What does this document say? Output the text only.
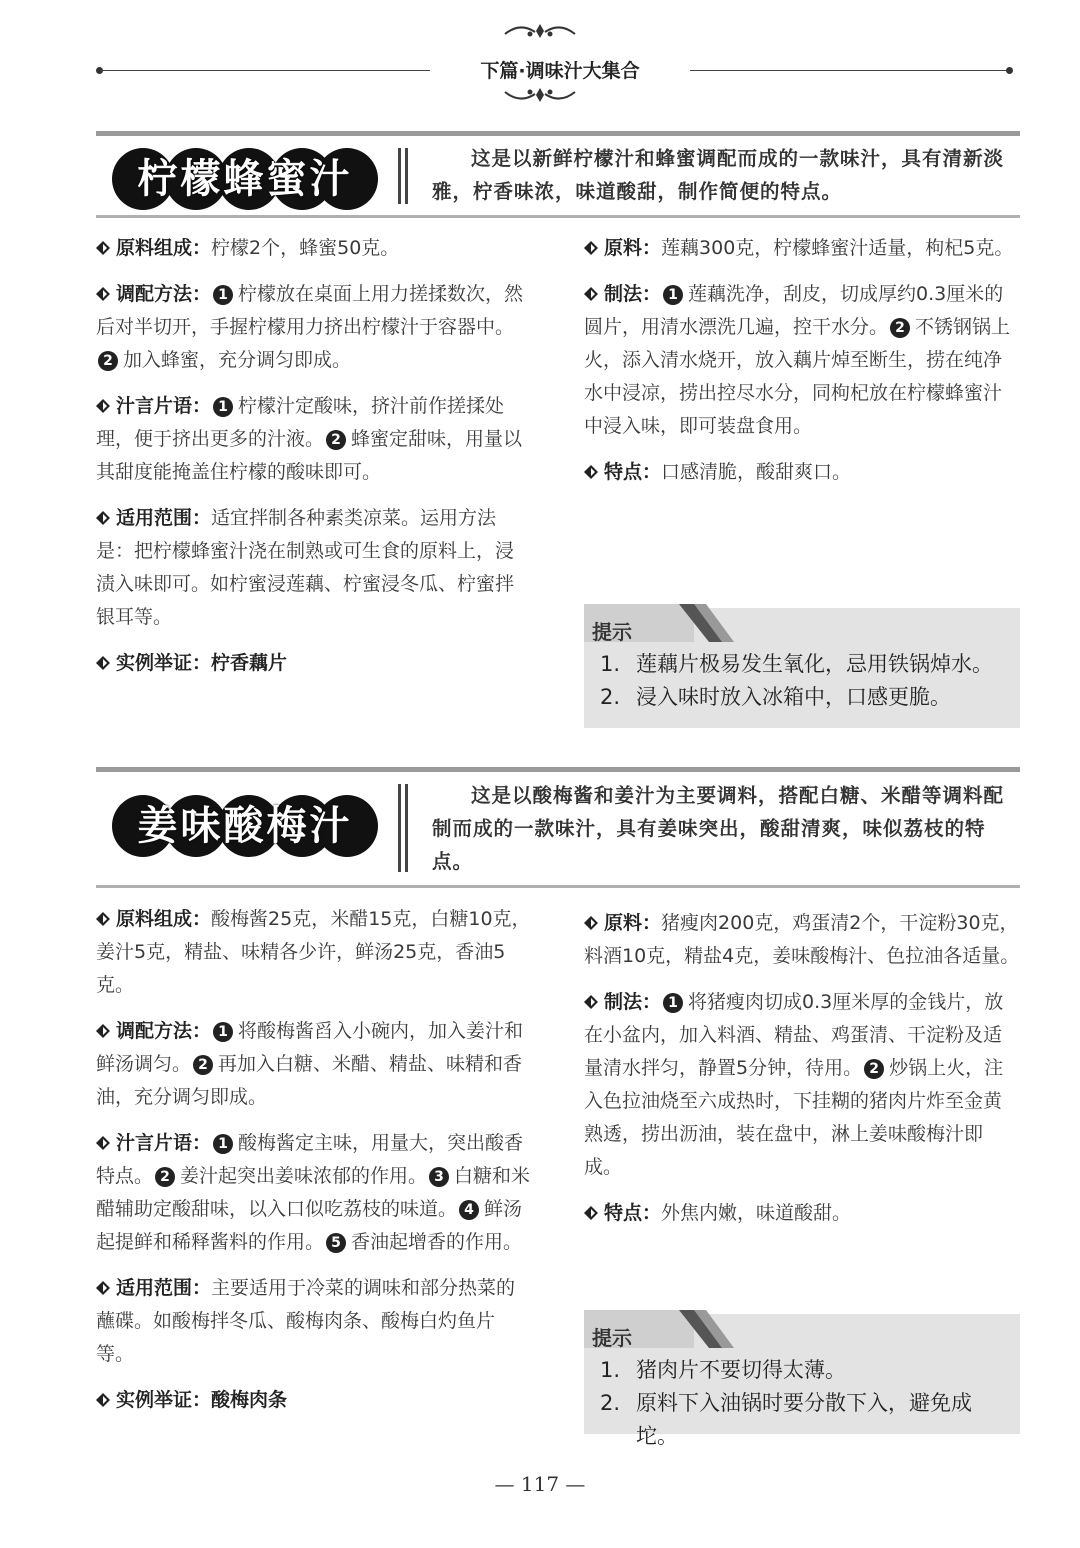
下篇·调味汁大集合
柠檬蜂蜜汁	这是以新鲜柠檬汁和蜂蜜调配而成的一款味汁，具有清新淡雅，柠香味浓，味道酸甜，制作简便的特点。

原料组成：柠檬2个，蜂蜜50克。

调配方法： 1 柠檬放在桌面上用力搓揉数次，然后对半切开，手握柠檬用力挤出柠檬汁于容器中。2 加入蜂蜜，充分调匀即成。

汁言片语： 1 柠檬汁定酸味，挤汁前作搓揉处理，便于挤出更多的汁液。 2 蜂蜜定甜味，用量以其甜度能掩盖住柠檬的酸味即可。

适用范围：适宜拌制各种素类凉菜。运用方法是：把柠檬蜂蜜汁浇在制熟或可生食的原料上，浸渍入味即可。如柠蜜浸莲藕、柠蜜浸冬瓜、柠蜜拌银耳等。

实例举证：柠香藕片

原料：莲藕300克，柠檬蜂蜜汁适量，枸杞5克。

制法： 1 莲藕洗净，刮皮，切成厚约0.3厘米的圆片，用清水漂洗几遍，控干水分。 2 不锈钢锅上火，添入清水烧开，放入藕片焯至断生，捞在纯净水中浸凉，捞出控尽水分，同枸杞放在柠檬蜂蜜汁中浸入味，即可装盘食用。

特点：口感清脆，酸甜爽口。

提示
1. 莲藕片极易发生氧化，忌用铁锅焯水。
2. 浸入味时放入冰箱中，口感更脆。
姜味酸梅汁
这是以酸梅酱和姜汁为主要调料，搭配白糖、米醋等调料配制而成的一款味汁，具有姜味突出，酸甜清爽，味似荔枝的特点。

原料组成：酸梅酱25克，米醋15克，白糖10克，姜汁5克，精盐、味精各少许，鲜汤25克，香油5克。

调配方法： 1 将酸梅酱舀入小碗内，加入姜汁和鲜汤调匀。 2 再加入白糖、米醋、精盐、味精和香油，充分调匀即成。

汁言片语： 1 酸梅酱定主味，用量大，突出酸香特点。 2 姜汁起突出姜味浓郁的作用。 3 白糖和米醋辅助定酸甜味，以入口似吃荔枝的味道。 4 鲜汤起提鲜和稀释酱料的作用。 5 香油起增香的作用。

适用范围：主要适用于冷菜的调味和部分热菜的蘸碟。如酸梅拌冬瓜、酸梅肉条、酸梅白灼鱼片等。

实例举证：酸梅肉条

原料：猪瘦肉200克，鸡蛋清2个，干淀粉30克，料酒10克，精盐4克，姜味酸梅汁、色拉油各适量。

制法： 1 将猪瘦肉切成0.3厘米厚的金钱片，放在小盆内，加入料酒、精盐、鸡蛋清、干淀粉及适量清水拌匀，静置5分钟，待用。 2 炒锅上火，注入色拉油烧至六成热时，下挂糊的猪肉片炸至金黄熟透，捞出沥油，装在盘中，淋上姜味酸梅汁即成。

特点：外焦内嫩，味道酸甜。

提示
1. 猪肉片不要切得太薄。
2. 原料下入油锅时要分散下入，避免成坨。
— 117 —
